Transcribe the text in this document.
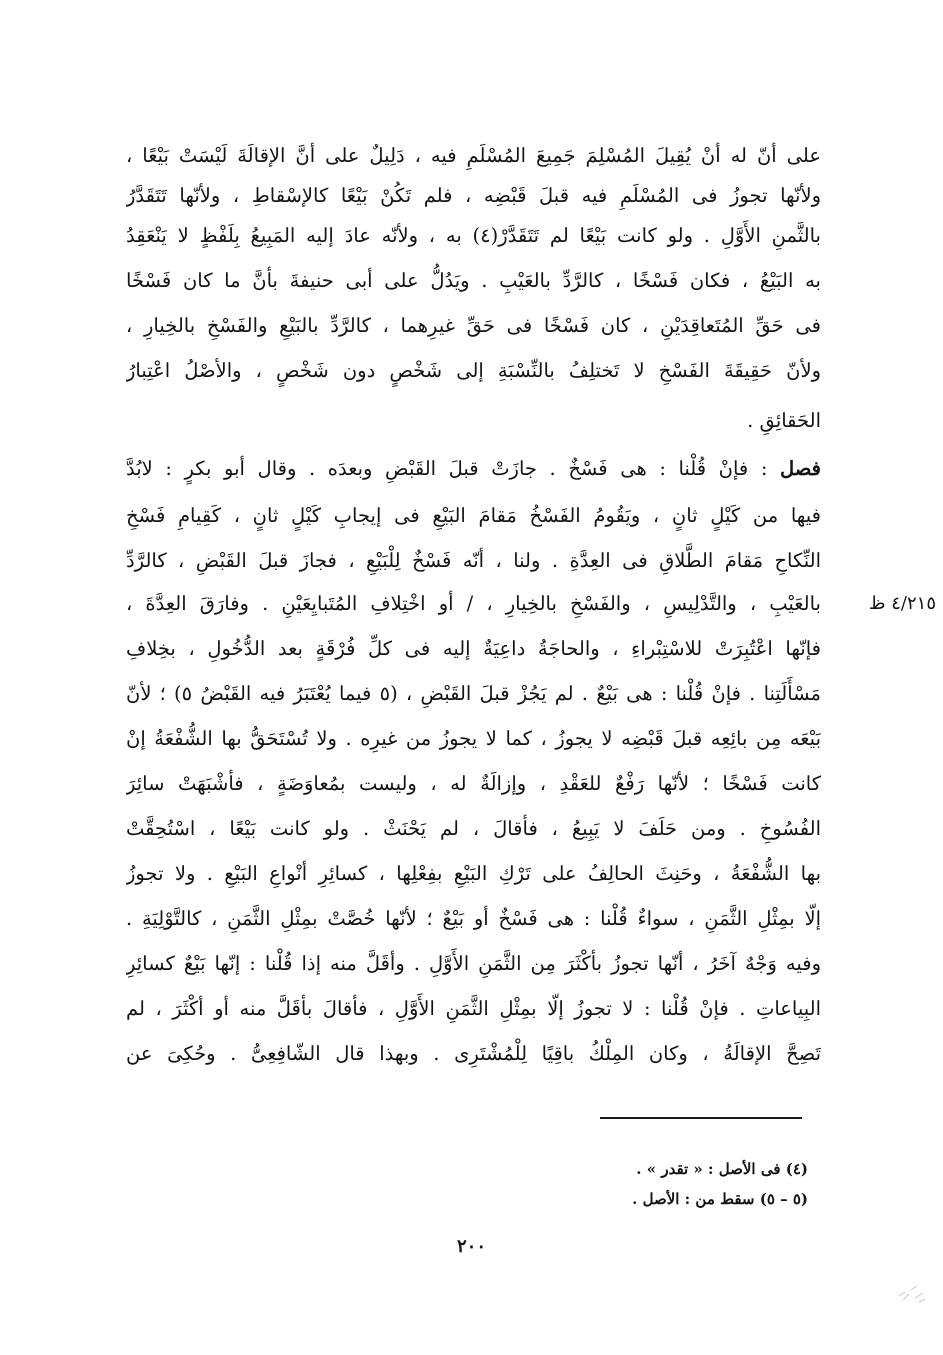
على أنّ له أنْ يُقِيلَ المُسْلِمَ جَمِيعَ المُسْلَمِ فيه ، دَلِيلٌ على أنَّ الإقالَةَ لَيْسَتْ بَيْعًا ،
ولأنّها تجوزُ فى المُسْلَمِ فيه قبلَ قَبْضِه ، فلم تَكُنْ بَيْعًا كالإسْقاطِ ، ولأنّها تَتَقَدَّرُ
بالثَّمنِ الأَوَّلِ . ولو كانت بَيْعًا لم تَتَقَدَّرْ(٤) به ، ولأنّه عادَ إليه المَبِيعُ بِلَفْظٍ لا يَنْعَقِدُ
به البَيْعُ ، فكان فَسْخًا ، كالرَّدِّ بالعَيْبِ . ويَدُلُّ على أبى حنيفةَ بأنَّ ما كان فَسْخًا
فى حَقِّ المُتَعاقِدَيْنِ ، كان فَسْخًا فى حَقِّ غيرِهما ، كالرَّدِّ بالبَيْعِ والفَسْخِ بالخِيارِ ،
ولأنّ حَقِيقَةَ الفَسْخِ لا تَختلِفُ بالنِّسْبَةِ إلى شَخْصٍ دون شَخْصٍ ، والأصْلُ اعْتِبارُ
الحَقائِقِ .
فصل : فإنْ قُلْنا : هى فَسْخٌ . جازَتْ قبلَ القَبْضِ وبعدَه . وقال أبو بكرٍ : لابُدَّ
فيها من كَيْلٍ ثانٍ ، ويَقُومُ الفَسْخُ مَقامَ البَيْعِ فى إيجابِ كَيْلٍ ثانٍ ، كَقِيامِ فَسْخِ
النِّكاحِ مَقامَ الطَّلاقِ فى العِدَّةِ . ولنا ، أنّه فَسْخٌ لِلْبَيْعِ ، فجازَ قبلَ القَبْضِ ، كالرَّدِّ
بالعَيْبِ ، والتَّدْلِيسِ ، والفَسْخِ بالخِيارِ ، / أو اخْتِلافِ المُتَبايِعَيْنِ . وفارَقَ العِدَّةَ ،
فإنّها اعْتُبِرَتْ للاسْتِبْراءِ ، والحاجَةُ داعِيَةٌ إليه فى كلِّ فُرْقَةٍ بعد الدُّخُولِ ، بخِلافِ
مَسْأَلَتِنا . فإنْ قُلْنا : هى بَيْعٌ . لم يَجُزْ قبلَ القَبْضِ ، (٥ فيما يُعْتَبَرُ فيه القَبْضُ ٥) ؛ لأنّ
بَيْعَه مِن بائِعِه قبلَ قَبْضِه لا يجوزُ ، كما لا يجوزُ من غيرِه . ولا تُسْتَحَقُّ بها الشُّفْعَةُ إنْ
كانت فَسْخًا ؛ لأنّها رَفْعٌ للعَقْدِ ، وإزالَةٌ له ، وليست بمُعاوَضَةٍ ، فأشْبَهَتْ سائِرَ
الفُسُوخِ . ومن حَلَفَ لا يَبِيعُ ، فأقالَ ، لم يَحْنَثْ . ولو كانت بَيْعًا ، اسْتُحِقَّتْ
بها الشُّفْعَةُ ، وحَنِثَ الحالِفُ على تَرْكِ البَيْعِ بفِعْلِها ، كسائِرِ أنْواعِ البَيْعِ . ولا تجوزُ
إلّا بمِثْلِ الثَّمَنِ ، سواءٌ قُلْنا : هى فَسْخٌ أو بَيْعٌ ؛ لأنّها خُصَّتْ بمِثْلِ الثَّمَنِ ، كالتَّوْلِيَةِ .
وفيه وَجْهٌ آخَرُ ، أنّها تجوزُ بأكْثَرَ مِن الثَّمَنِ الأَوَّلِ . وأقَلَّ منه إذا قُلْنا : إنّها بَيْعٌ كسائِرِ
البِياعاتِ . فإنْ قُلْنا : لا تجوزُ إلّا بمِثْلِ الثَّمَنِ الأَوَّلِ ، فأقالَ بأقَلَّ منه أو أكْثَرَ ، لم
تَصِحَّ الإقالَةُ ، وكان المِلْكُ باقِيًا لِلْمُشْتَرِى . وبهذا قال الشّافِعِىُّ . وحُكِىَ عن
٤/٢١٥ ظ
(٤) فى الأصل : « تقدر » .
(٥ – ٥) سقط من : الأصل .
٢٠٠
